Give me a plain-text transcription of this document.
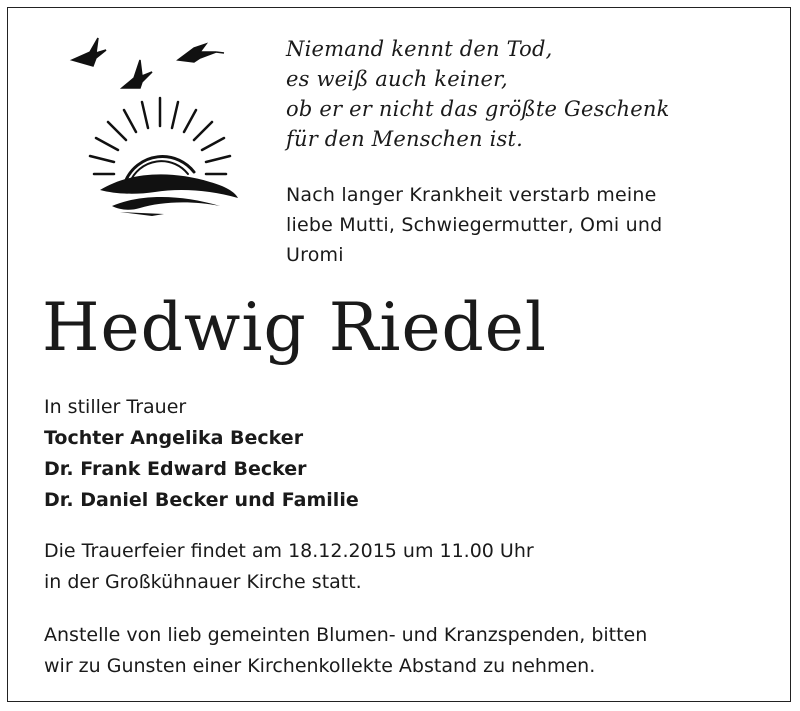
Niemand kennt den Tod,
es weiß auch keiner,
ob er er nicht das größte Geschenk
für den Menschen ist.
Nach langer Krankheit verstarb meine
liebe Mutti, Schwiegermutter, Omi und
Uromi
Hedwig Riedel
In stiller Trauer
Tochter Angelika Becker
Dr. Frank Edward Becker
Dr. Daniel Becker und Familie
Die Trauerfeier findet am 18.12.2015 um 11.00 Uhr
in der Großkühnauer Kirche statt.
Anstelle von lieb gemeinten Blumen- und Kranzspenden, bitten
wir zu Gunsten einer Kirchenkollekte Abstand zu nehmen.
